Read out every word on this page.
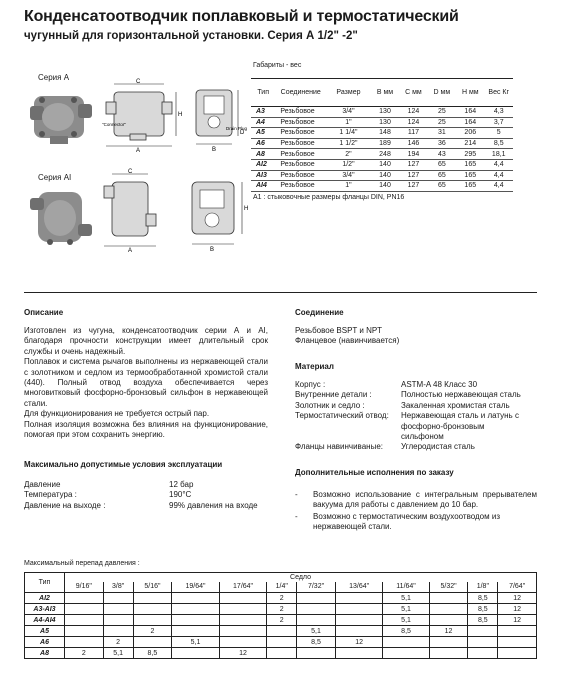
Конденсатоотводчик поплавковый и термостатический
чугунный для горизонтальной установки. Серия А 1/2" -2"
Серия А
Серия АI
C
H
A
"Connector"
B
D
Drain Plug
C
A	B
H
Габариты - вес
Тип	Соединение	Размер	B мм	C мм	D мм	H мм	Вес Кг
A3	Резьбовое	3/4"	130	124	25	164	4,3
A4	Резьбовое	1"	130	124	25	164	3,7
A5	Резьбовое	1 1/4"	148	117	31	206	5
A6	Резьбовое	1 1/2"	189	146	36	214	8,5
A8	Резьбовое	2"	248	194	43	295	18,1
AI2	Резьбовое	1/2"	140	127	65	165	4,4
AI3	Резьбовое	3/4"	140	127	65	165	4,4
AI4	Резьбовое	1"	140	127	65	165	4,4
A1 : стыковочные размеры фланцы DIN, PN16
Описание
Изготовлен из чугуна, конденсатоотводчик серии А и АI, благодаря прочности конструкции имеет длительный срок службы и очень надежный.
Поплавок и система рычагов выполнены из нержавеющей стали с золотником и седлом из термообработанной хромистой стали (440). Полный отвод воздуха обеспечивается через многовитковый фосфорно-бронзовый сильфон в нержавеющей стали.
Для функционирования не требуется острый пар.
Полная изоляция возможна без влияния на функционирование, помогая при этом сохранить энергию.
Максимально допустимые условия эксплуатации
Давление	12 бар
Температура :	190°C
Давление на выходе :	99% давления на входе
Соединение
Резьбовое BSPT и NPT
Фланцевое (навинчивается)
Материал
Корпус :	ASTM-A 48 Класс 30
Внутренние детали :	Полностью нержавеющая сталь
Золотник и седло :	Закаленная хромистая сталь
Термостатический отвод:	Нержавеющая сталь и латунь с фосфорно-бронзовым сильфоном
Фланцы навинчиваные:	Углеродистая сталь
Дополнительные исполнения по заказу
-	Возможно использование с интегральным прерывателем вакуума для работы с давлением до 10 бар.
-	Возможно с термостатическим воздухоотводом из нержавеющей стали.
Максимальный перепад давления :
Тип	Седло											
	9/16"	3/8"	5/16"	19/64"	17/64"	1/4"	7/32"	13/64"	11/64"	5/32"	1/8"	7/64"
AI2						2			5,1		8,5	12
A3-AI3						2			5,1		8,5	12
A4-AI4						2			5,1		8,5	12
A5			2				5,1		8,5	12		
A6		2		5,1			8,5	12				
A8	2	5,1	8,5		12							
